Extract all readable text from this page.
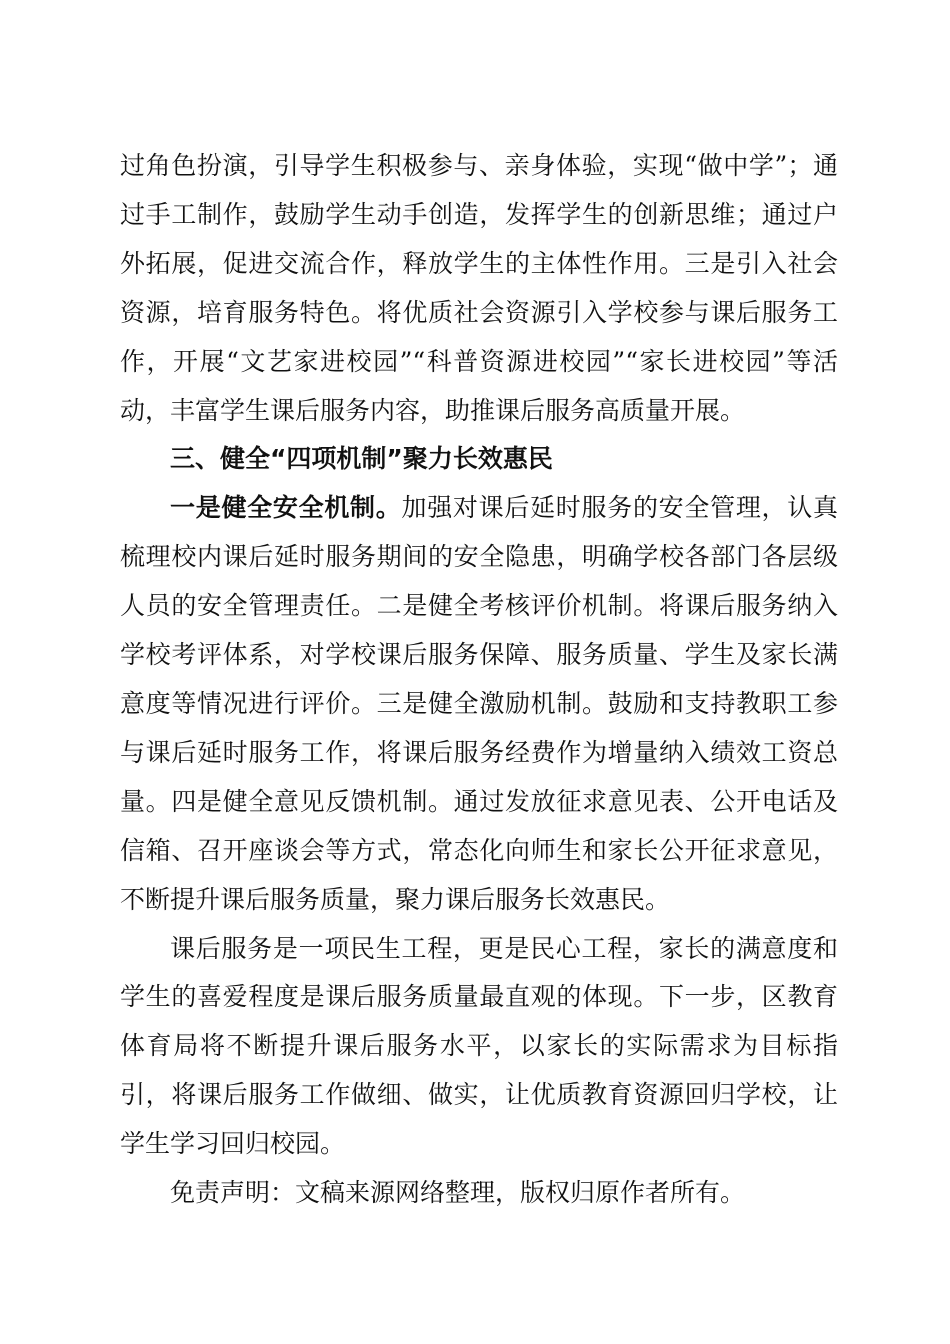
过角色扮演，引导学生积极参与、亲身体验，实现“做中学”；通过手工制作，鼓励学生动手创造，发挥学生的创新思维；通过户外拓展，促进交流合作，释放学生的主体性作用。三是引入社会资源，培育服务特色。将优质社会资源引入学校参与课后服务工作，开展“文艺家进校园”“科普资源进校园”“家长进校园”等活动，丰富学生课后服务内容，助推课后服务高质量开展。

三、健全“四项机制”聚力长效惠民

一是健全安全机制。加强对课后延时服务的安全管理，认真梳理校内课后延时服务期间的安全隐患，明确学校各部门各层级人员的安全管理责任。二是健全考核评价机制。将课后服务纳入学校考评体系，对学校课后服务保障、服务质量、学生及家长满意度等情况进行评价。三是健全激励机制。鼓励和支持教职工参与课后延时服务工作，将课后服务经费作为增量纳入绩效工资总量。四是健全意见反馈机制。通过发放征求意见表、公开电话及信箱、召开座谈会等方式，常态化向师生和家长公开征求意见，不断提升课后服务质量，聚力课后服务长效惠民。

课后服务是一项民生工程，更是民心工程，家长的满意度和学生的喜爱程度是课后服务质量最直观的体现。下一步，区教育体育局将不断提升课后服务水平，以家长的实际需求为目标指引，将课后服务工作做细、做实，让优质教育资源回归学校，让学生学习回归校园。

免责声明：文稿来源网络整理，版权归原作者所有。
